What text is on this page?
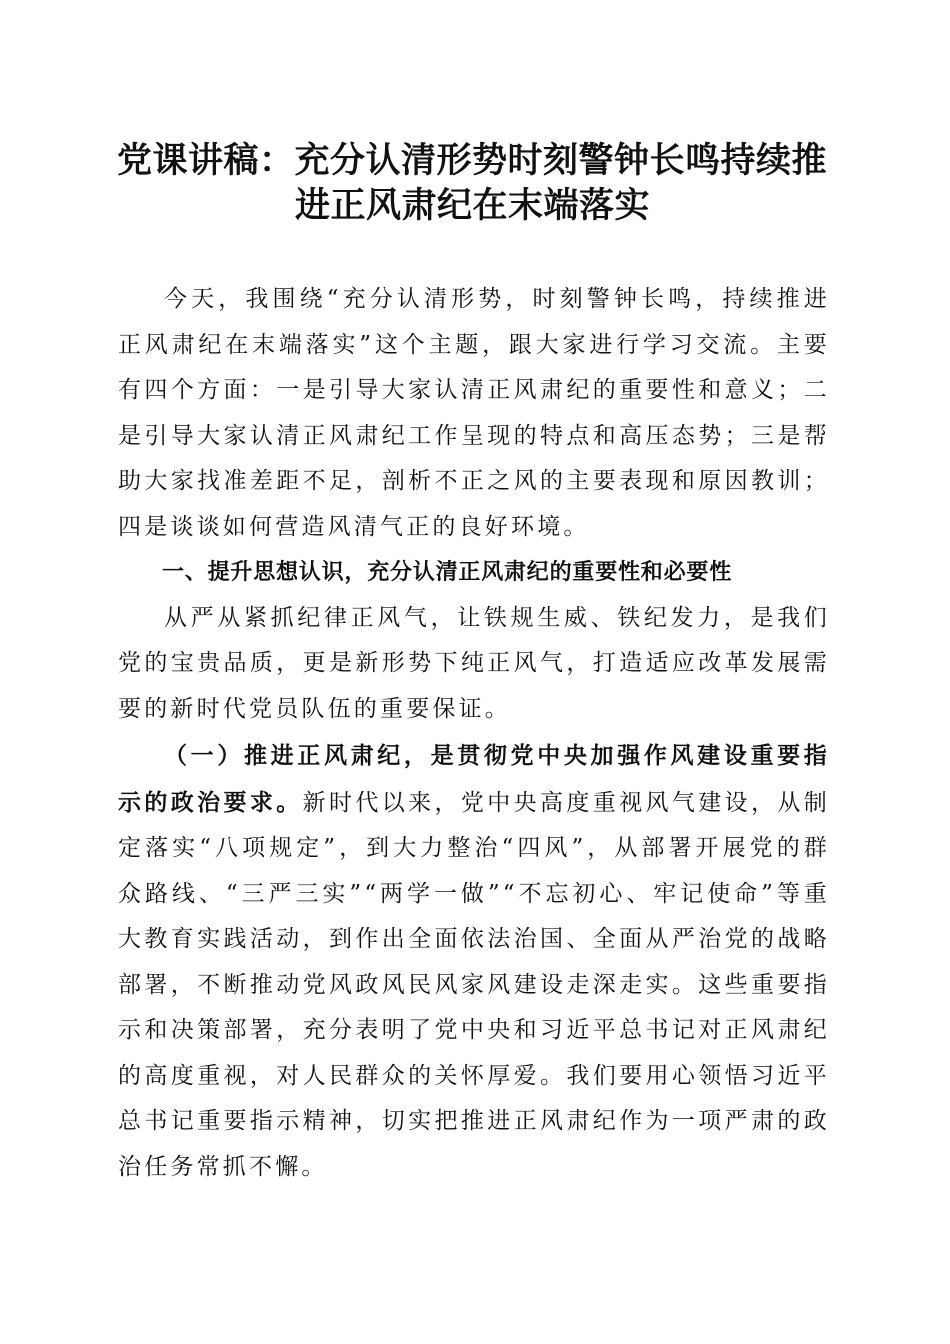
党课讲稿：充分认清形势时刻警钟长鸣持续推
进正风肃纪在末端落实

今天，我围绕“充分认清形势，时刻警钟长鸣，持续推进正风肃纪在末端落实”这个主题，跟大家进行学习交流。主要有四个方面：一是引导大家认清正风肃纪的重要性和意义；二是引导大家认清正风肃纪工作呈现的特点和高压态势；三是帮助大家找准差距不足，剖析不正之风的主要表现和原因教训；四是谈谈如何营造风清气正的良好环境。

一、提升思想认识，充分认清正风肃纪的重要性和必要性

从严从紧抓纪律正风气，让铁规生威、铁纪发力，是我们党的宝贵品质，更是新形势下纯正风气，打造适应改革发展需要的新时代党员队伍的重要保证。

（一）推进正风肃纪，是贯彻党中央加强作风建设重要指示的政治要求。新时代以来，党中央高度重视风气建设，从制定落实“八项规定”，到大力整治“四风”，从部署开展党的群众路线、“三严三实”“两学一做”“不忘初心、牢记使命”等重大教育实践活动，到作出全面依法治国、全面从严治党的战略部署，不断推动党风政风民风家风建设走深走实。这些重要指示和决策部署，充分表明了党中央和习近平总书记对正风肃纪的高度重视，对人民群众的关怀厚爱。我们要用心领悟习近平总书记重要指示精神，切实把推进正风肃纪作为一项严肃的政治任务常抓不懈。
